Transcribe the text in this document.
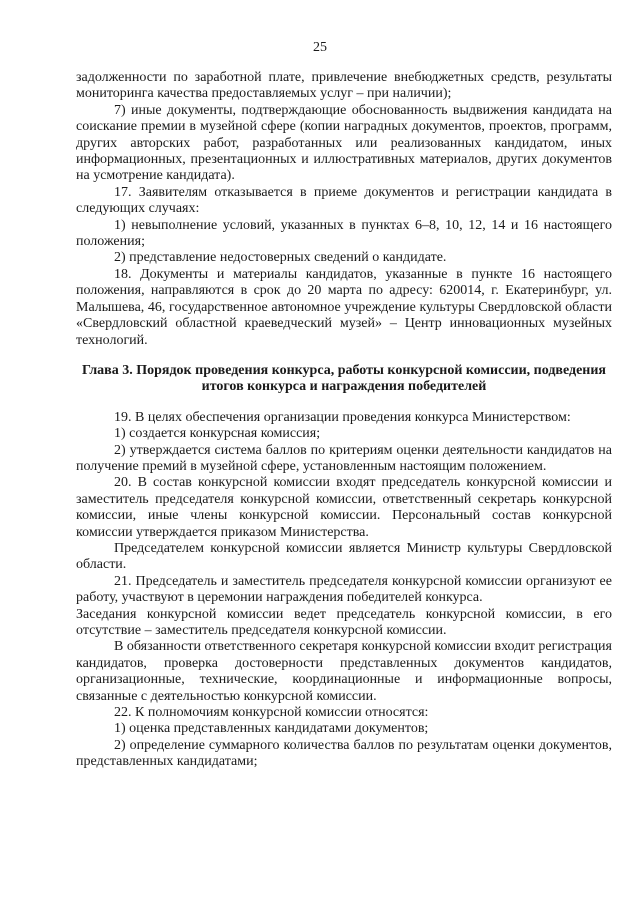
25

задолженности по заработной плате, привлечение внебюджетных средств, результаты мониторинга качества предоставляемых услуг – при наличии);

7) иные документы, подтверждающие обоснованность выдвижения кандидата на соискание премии в музейной сфере (копии наградных документов, проектов, программ, других авторских работ, разработанных или реализованных кандидатом, иных информационных, презентационных и иллюстративных материалов, других документов на усмотрение кандидата).

17. Заявителям отказывается в приеме документов и регистрации кандидата в следующих случаях:

1) невыполнение условий, указанных в пунктах 6–8, 10, 12, 14 и 16 настоящего положения;

2) представление недостоверных сведений о кандидате.

18. Документы и материалы кандидатов, указанные в пункте 16 настоящего положения, направляются в срок до 20 марта по адресу: 620014, г. Екатеринбург, ул. Малышева, 46, государственное автономное учреждение культуры Свердловской области «Свердловский областной краеведческий музей» – Центр инновационных музейных технологий.

Глава 3. Порядок проведения конкурса, работы конкурсной комиссии, подведения итогов конкурса и награждения победителей

19. В целях обеспечения организации проведения конкурса Министерством:

1) создается конкурсная комиссия;

2) утверждается система баллов по критериям оценки деятельности кандидатов на получение премий в музейной сфере, установленным настоящим положением.

20. В состав конкурсной комиссии входят председатель конкурсной комиссии и заместитель председателя конкурсной комиссии, ответственный секретарь конкурсной комиссии, иные члены конкурсной комиссии. Персональный состав конкурсной комиссии утверждается приказом Министерства.

Председателем конкурсной комиссии является Министр культуры Свердловской области.

21. Председатель и заместитель председателя конкурсной комиссии организуют ее работу, участвуют в церемонии награждения победителей конкурса.

Заседания конкурсной комиссии ведет председатель конкурсной комиссии, в его отсутствие – заместитель председателя конкурсной комиссии.

В обязанности ответственного секретаря конкурсной комиссии входит регистрация кандидатов, проверка достоверности представленных документов кандидатов, организационные, технические, координационные и информационные вопросы, связанные с деятельностью конкурсной комиссии.

22. К полномочиям конкурсной комиссии относятся:

1) оценка представленных кандидатами документов;

2) определение суммарного количества баллов по результатам оценки документов, представленных кандидатами;
